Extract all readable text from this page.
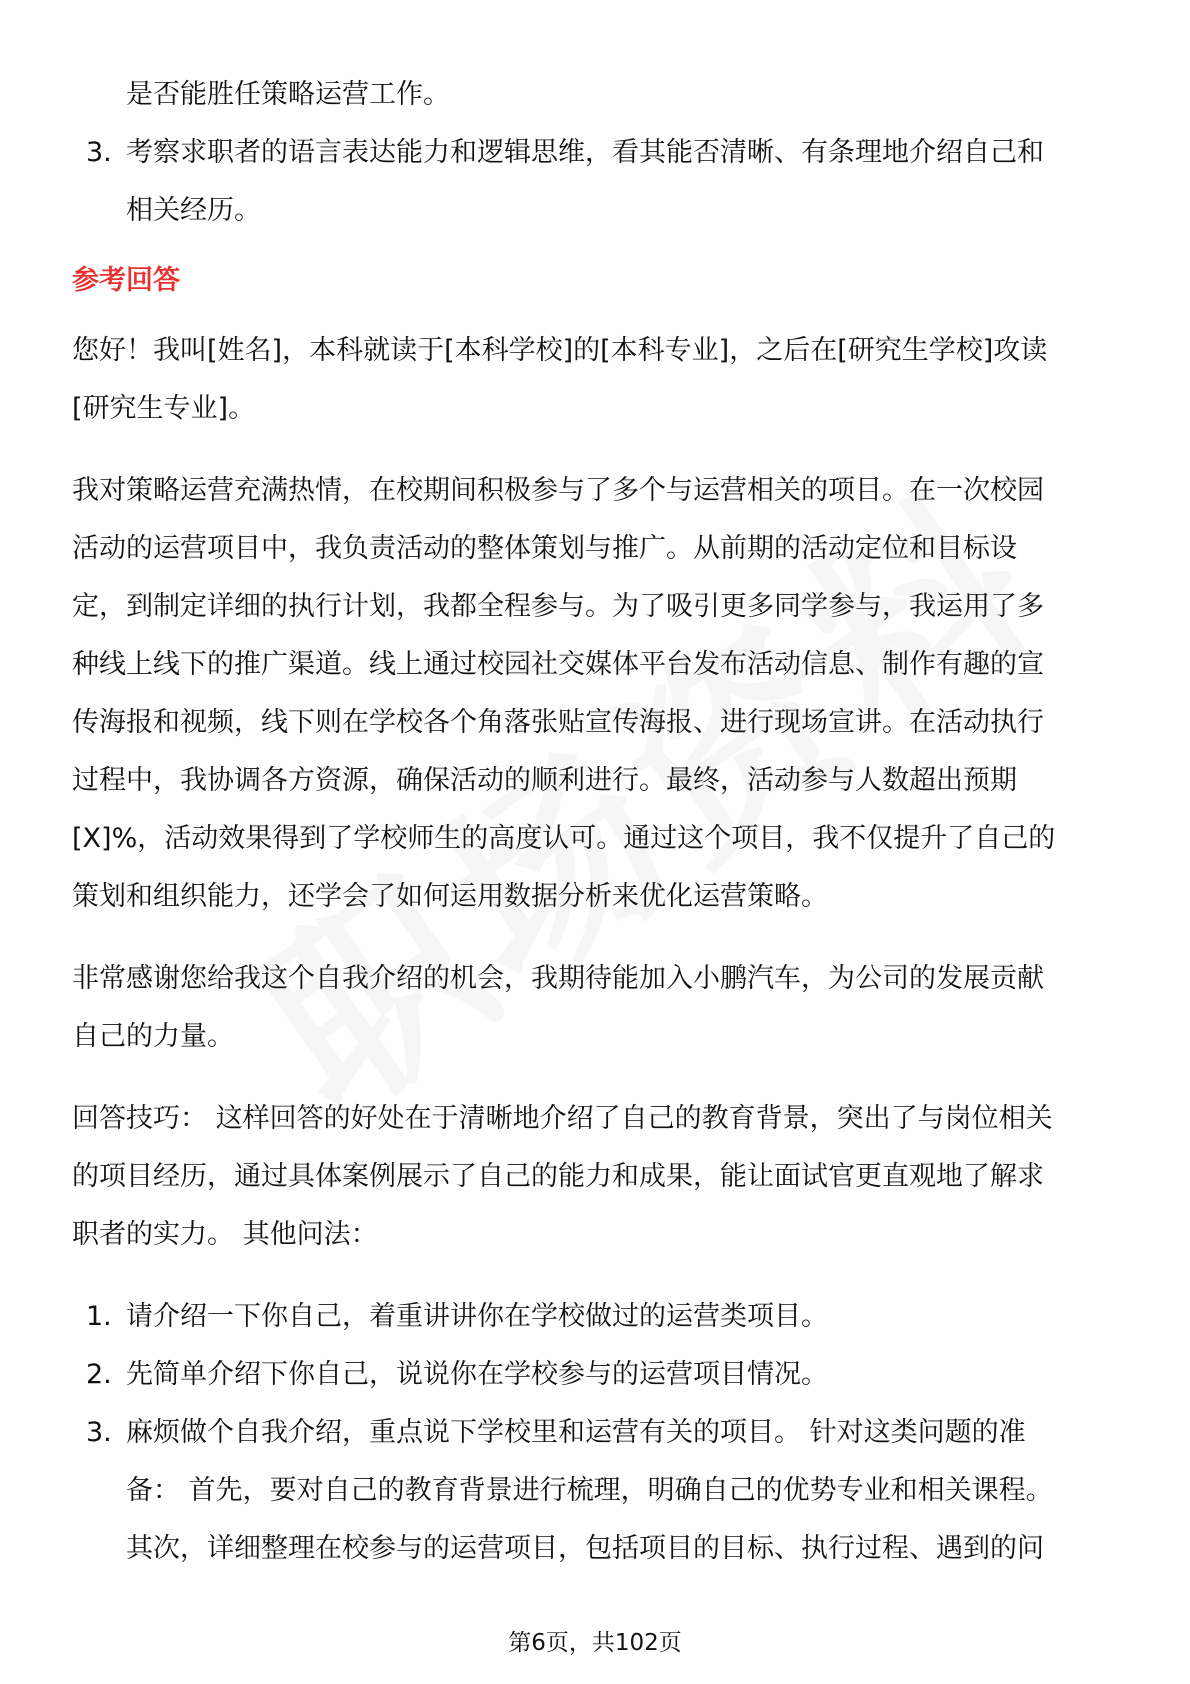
是否能胜任策略运营工作。
3. 考察求职者的语言表达能力和逻辑思维，看其能否清晰、有条理地介绍自己和
相关经历。
参考回答
您好！我叫[姓名]，本科就读于[本科学校]的[本科专业]，之后在[研究生学校]攻读
[研究生专业]。
我对策略运营充满热情，在校期间积极参与了多个与运营相关的项目。在一次校园
活动的运营项目中，我负责活动的整体策划与推广。从前期的活动定位和目标设
定，到制定详细的执行计划，我都全程参与。为了吸引更多同学参与，我运用了多
种线上线下的推广渠道。线上通过校园社交媒体平台发布活动信息、制作有趣的宣
传海报和视频，线下则在学校各个角落张贴宣传海报、进行现场宣讲。在活动执行
过程中，我协调各方资源，确保活动的顺利进行。最终，活动参与人数超出预期
[X]%，活动效果得到了学校师生的高度认可。通过这个项目，我不仅提升了自己的
策划和组织能力，还学会了如何运用数据分析来优化运营策略。
非常感谢您给我这个自我介绍的机会，我期待能加入小鹏汽车，为公司的发展贡献
自己的力量。
回答技巧： 这样回答的好处在于清晰地介绍了自己的教育背景，突出了与岗位相关
的项目经历，通过具体案例展示了自己的能力和成果，能让面试官更直观地了解求
职者的实力。 其他问法：
1. 请介绍一下你自己，着重讲讲你在学校做过的运营类项目。
2. 先简单介绍下你自己，说说你在学校参与的运营项目情况。
3. 麻烦做个自我介绍，重点说下学校里和运营有关的项目。 针对这类问题的准
备： 首先，要对自己的教育背景进行梳理，明确自己的优势专业和相关课程。
其次，详细整理在校参与的运营项目，包括项目的目标、执行过程、遇到的问
第6页，共102页
